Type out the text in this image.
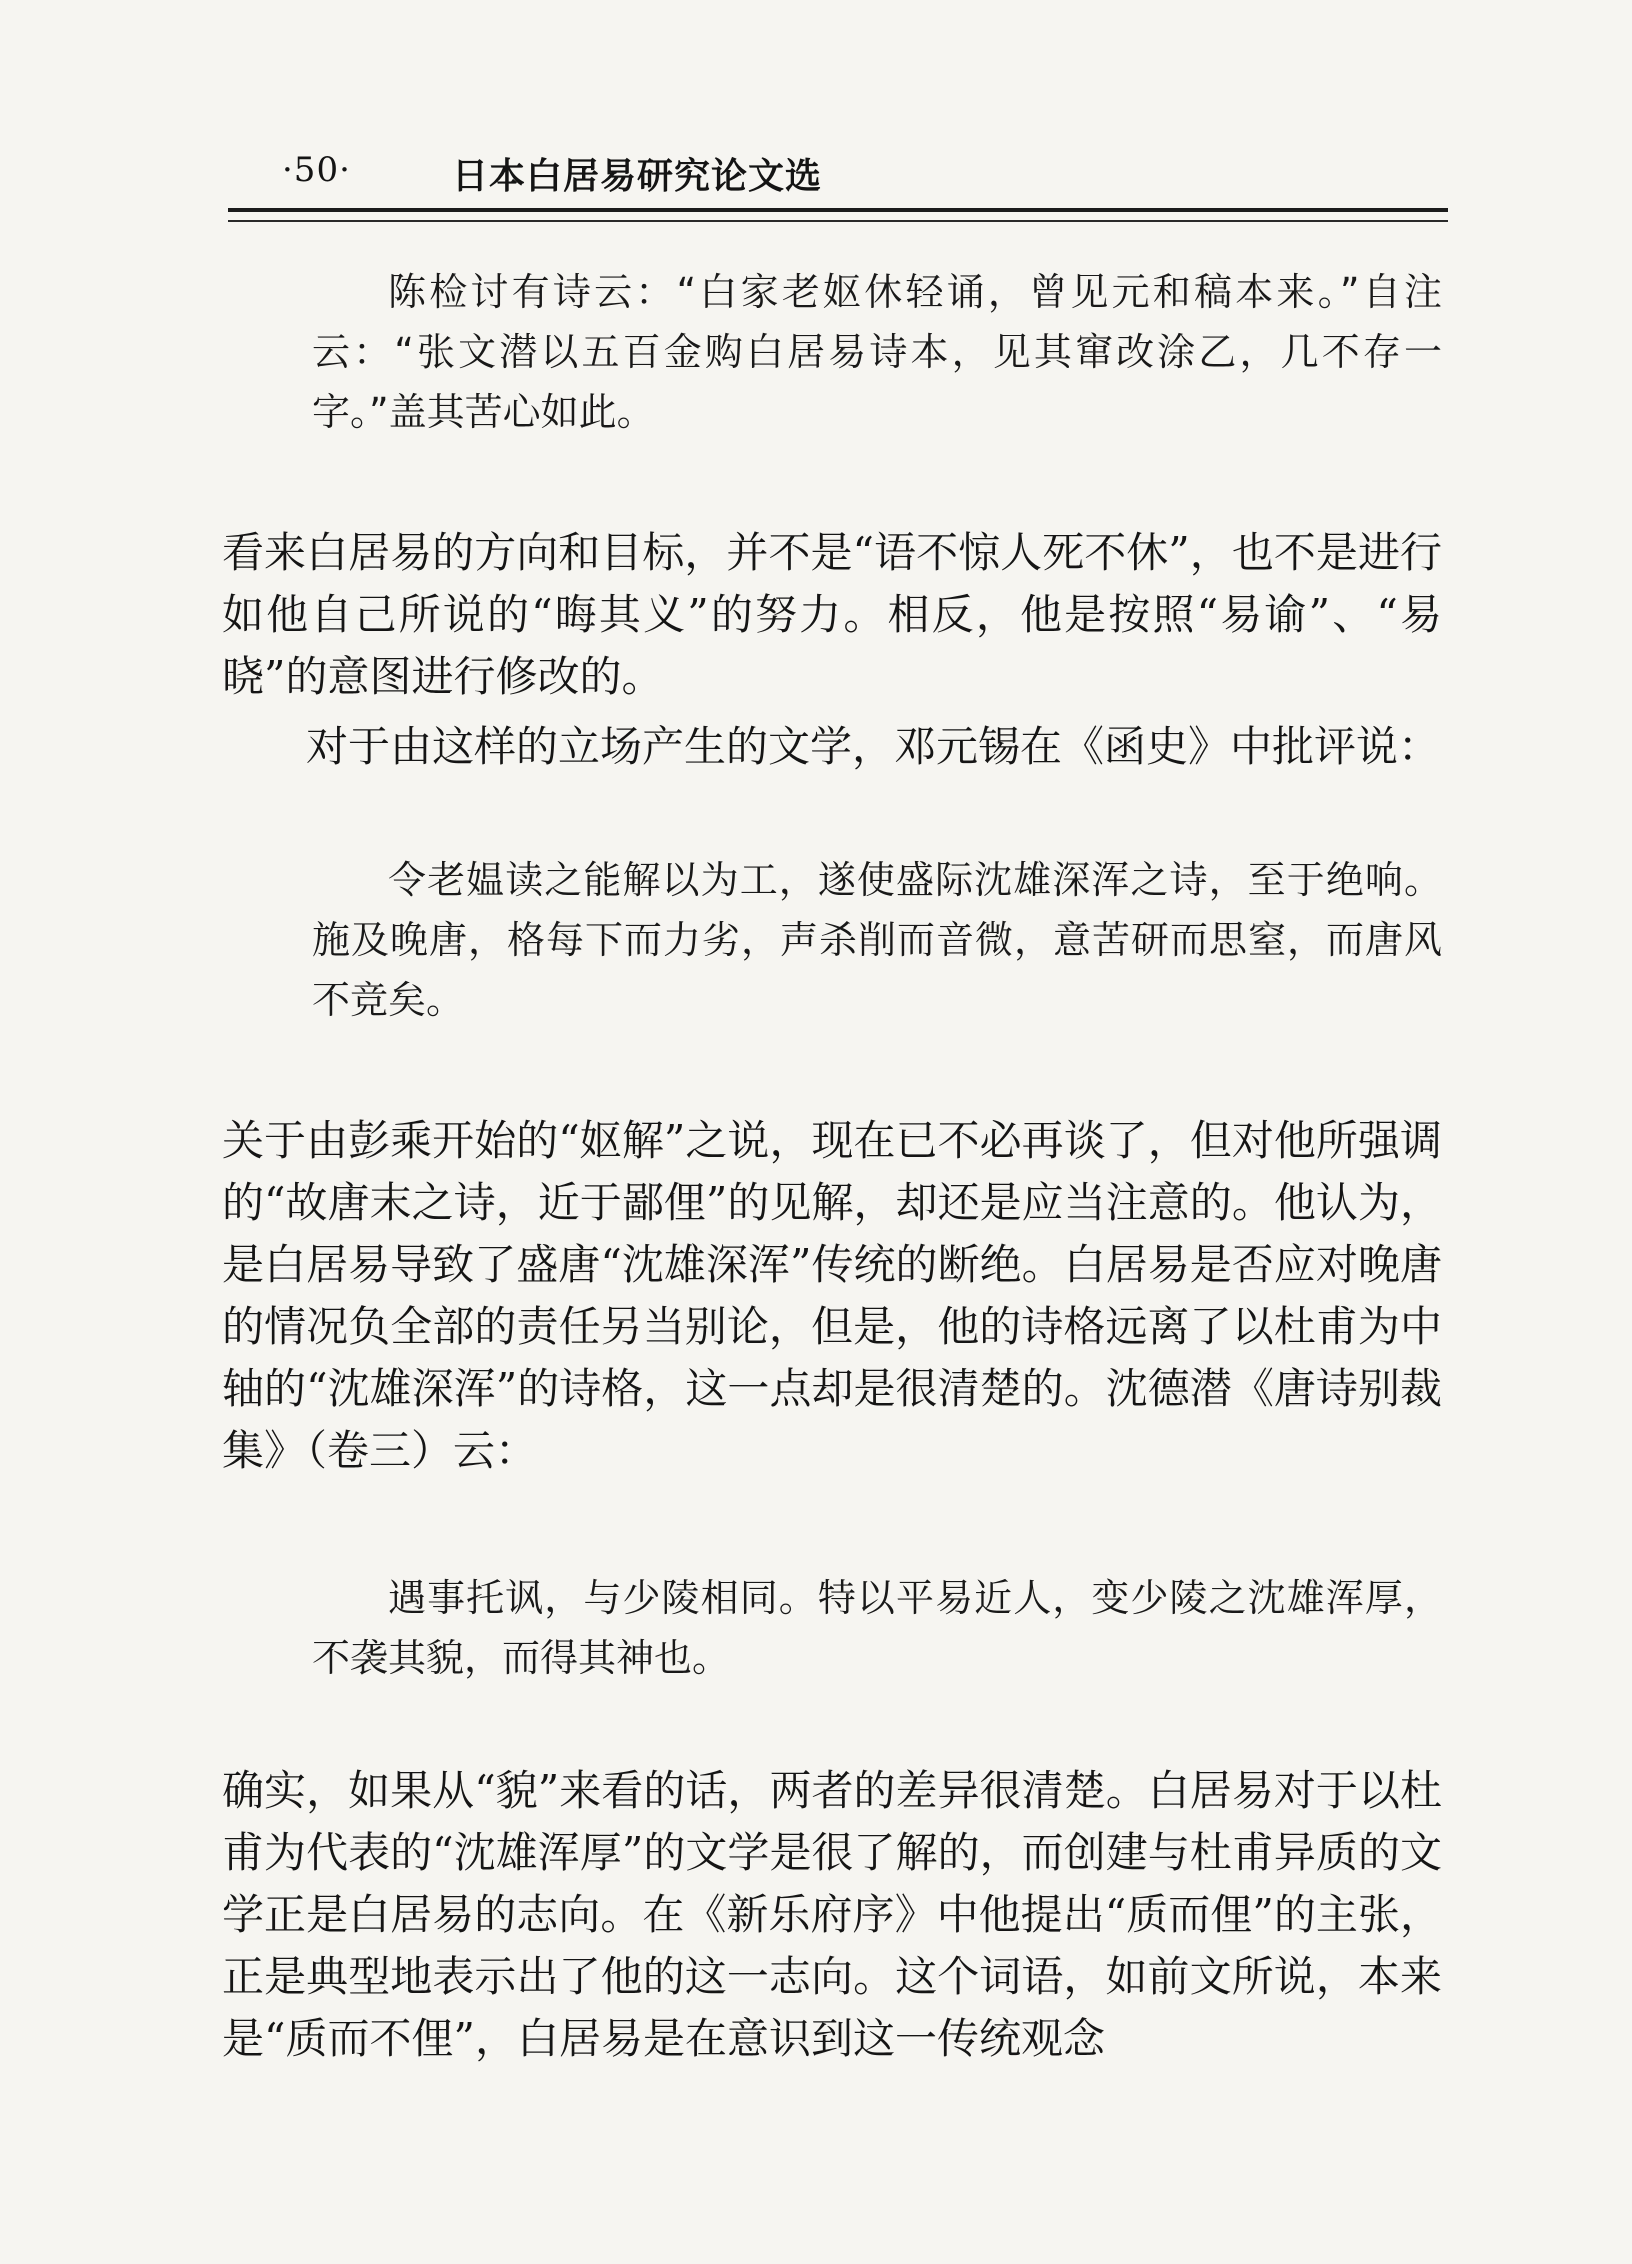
·50·	日本白居易研究论文选

陈检讨有诗云：“白家老妪休轻诵，曾见元和稿本来。”自注云：“张文潜以五百金购白居易诗本，见其窜改涂乙，几不存一字。”盖其苦心如此。

看来白居易的方向和目标，并不是“语不惊人死不休”，也不是进行如他自己所说的“晦其义”的努力。相反，他是按照“易谕”、“易晓”的意图进行修改的。

对于由这样的立场产生的文学，邓元锡在《函史》中批评说：

令老媪读之能解以为工，遂使盛际沈雄深浑之诗，至于绝响。施及晚唐，格每下而力劣，声杀削而音微，意苦研而思窒，而唐风不竞矣。

关于由彭乘开始的“妪解”之说，现在已不必再谈了，但对他所强调的“故唐末之诗，近于鄙俚”的见解，却还是应当注意的。他认为，是白居易导致了盛唐“沈雄深浑”传统的断绝。白居易是否应对晚唐的情况负全部的责任另当别论，但是，他的诗格远离了以杜甫为中轴的“沈雄深浑”的诗格，这一点却是很清楚的。沈德潜《唐诗别裁集》（卷三）云：

遇事托讽，与少陵相同。特以平易近人，变少陵之沈雄浑厚，不袭其貌，而得其神也。

确实，如果从“貌”来看的话，两者的差异很清楚。白居易对于以杜甫为代表的“沈雄浑厚”的文学是很了解的，而创建与杜甫异质的文学正是白居易的志向。在《新乐府序》中他提出“质而俚”的主张，正是典型地表示出了他的这一志向。这个词语，如前文所说，本来是“质而不俚”，白居易是在意识到这一传统观念
